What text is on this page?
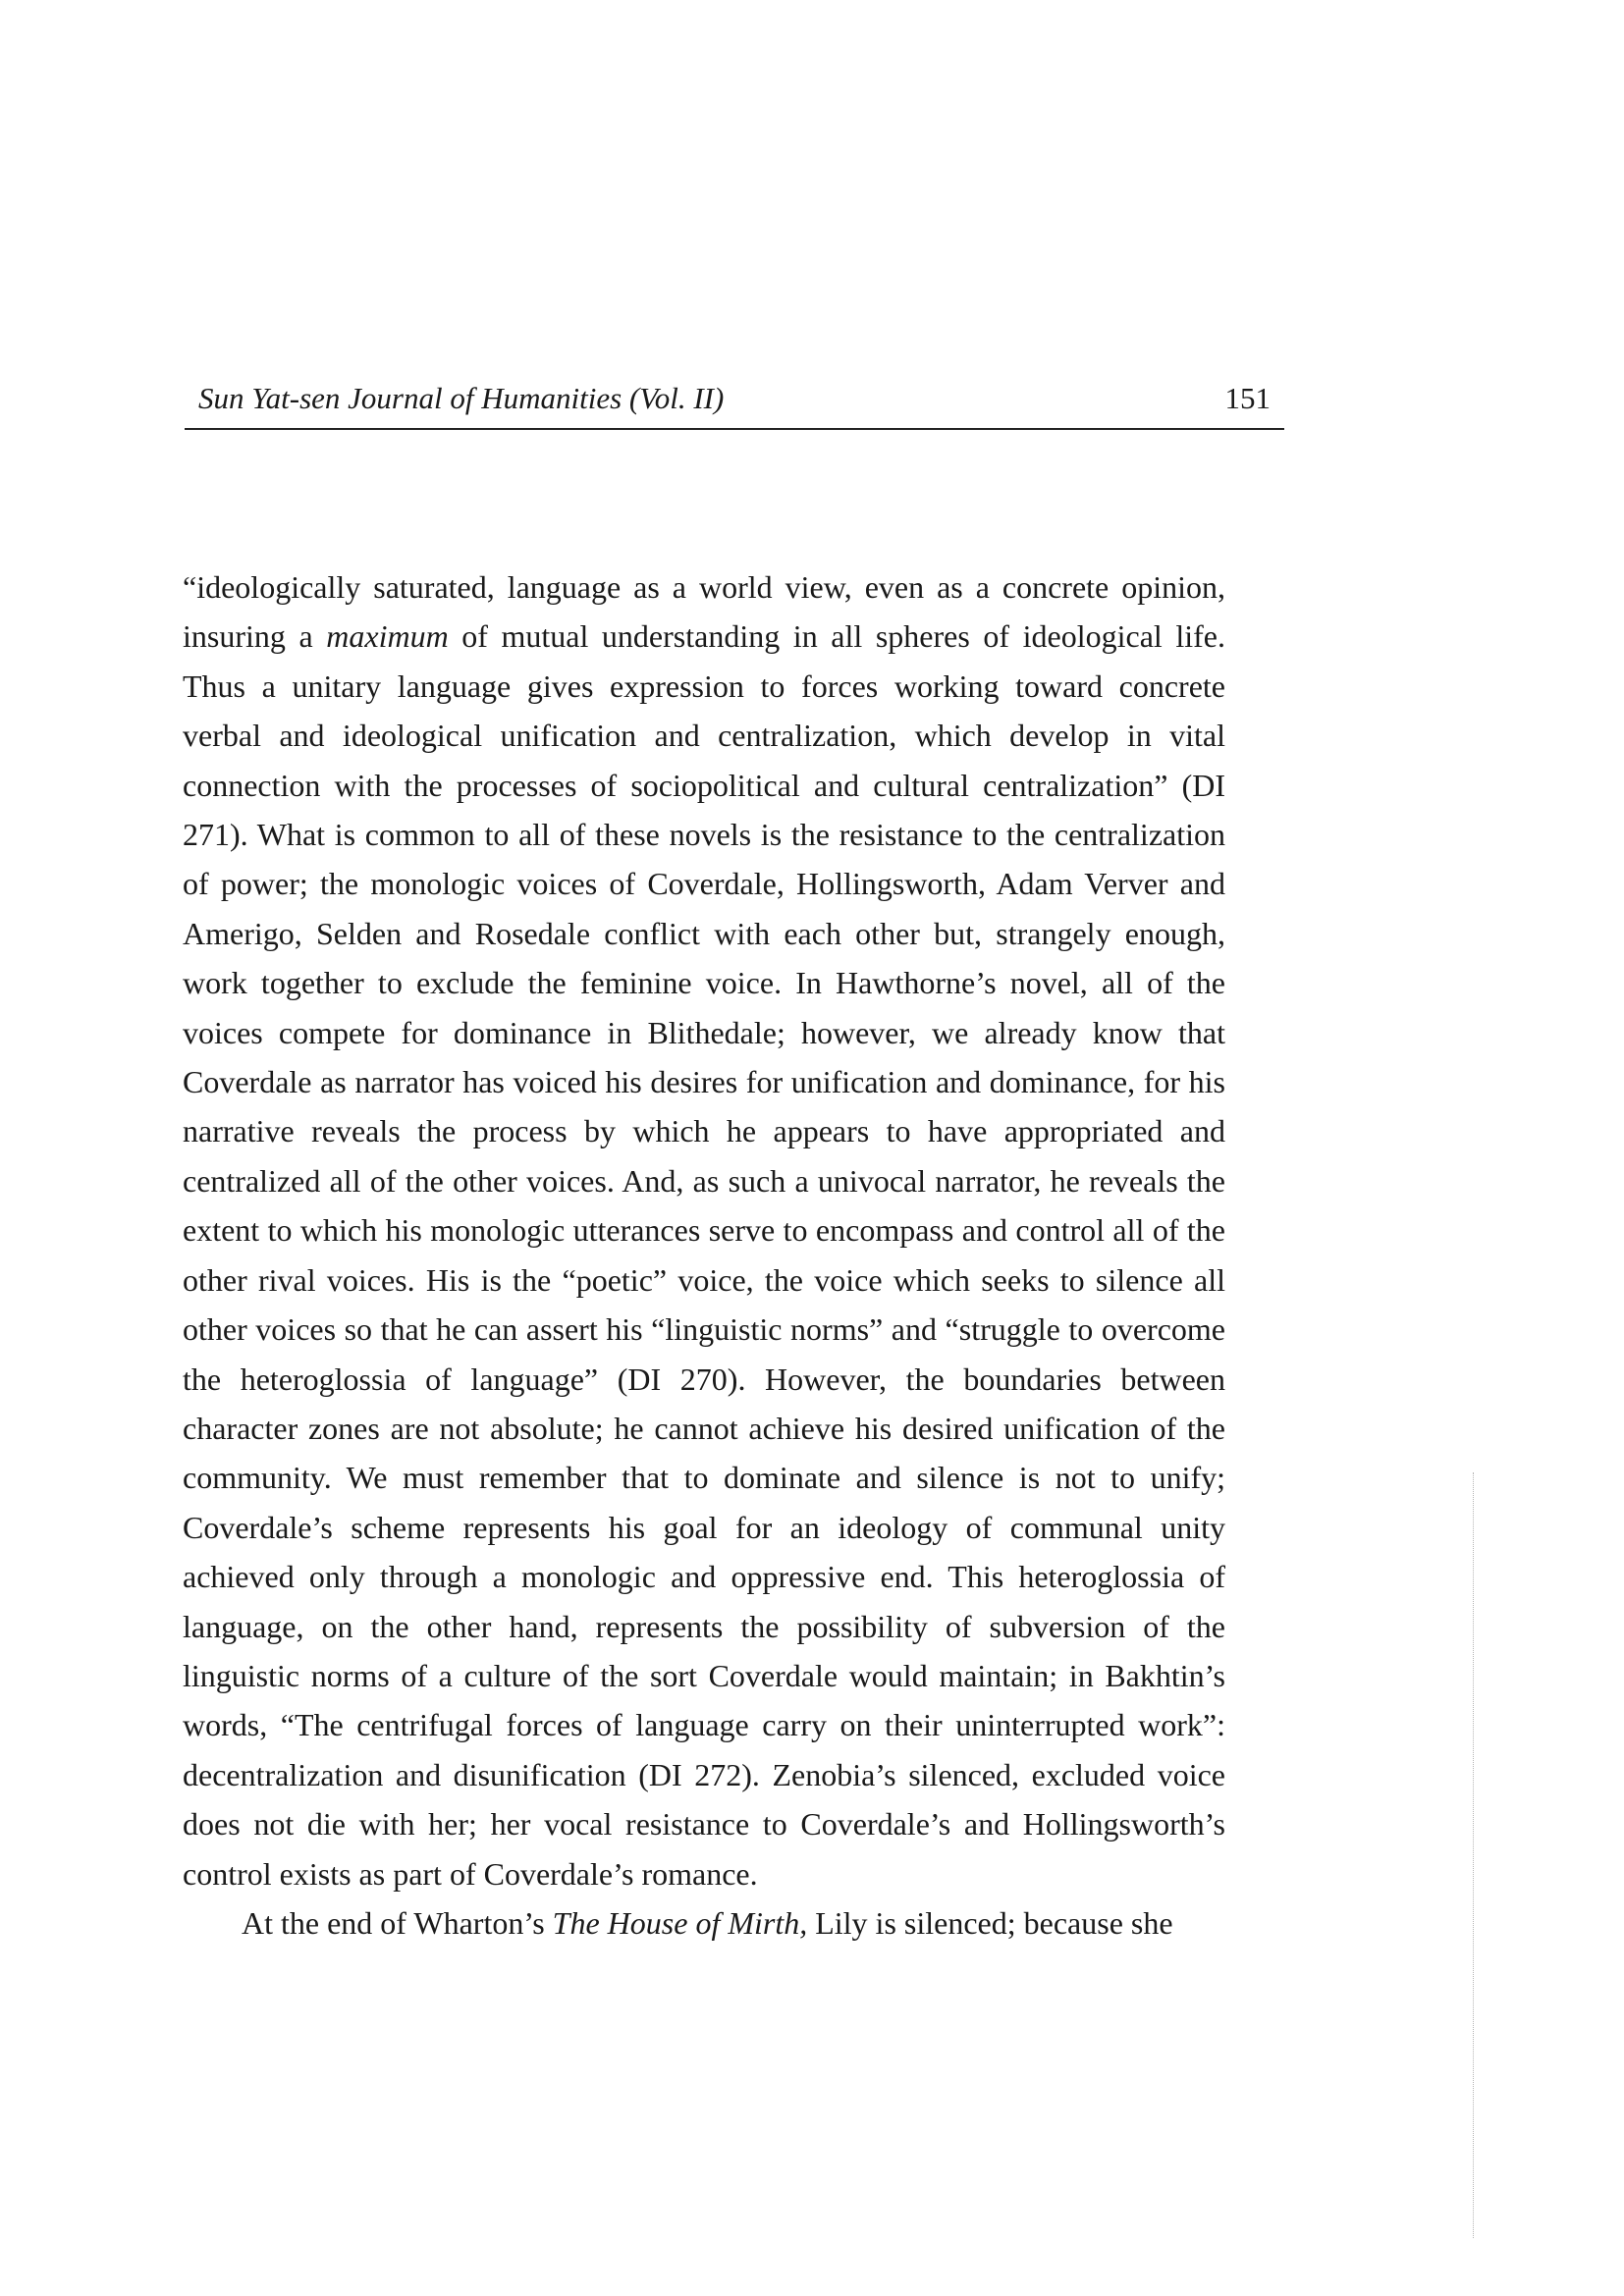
Sun Yat-sen Journal of Humanities (Vol. II)	151

“ideologically saturated, language as a world view, even as a concrete opinion, insuring a maximum of mutual understanding in all spheres of ideological life. Thus a unitary language gives expression to forces working toward concrete verbal and ideological unification and centralization, which develop in vital connection with the processes of sociopolitical and cultural centralization” (DI 271). What is common to all of these novels is the resistance to the centralization of power; the monologic voices of Coverdale, Hollingsworth, Adam Verver and Amerigo, Selden and Rosedale conflict with each other but, strangely enough, work together to exclude the feminine voice. In Hawthorne’s novel, all of the voices compete for dominance in Blithedale; however, we already know that Coverdale as narrator has voiced his desires for unification and dominance, for his narrative reveals the process by which he appears to have appropriated and centralized all of the other voices. And, as such a univocal narrator, he reveals the extent to which his monologic utterances serve to encompass and control all of the other rival voices. His is the “poetic” voice, the voice which seeks to silence all other voices so that he can assert his “linguistic norms” and “struggle to overcome the heteroglossia of language” (DI 270). However, the boundaries between character zones are not absolute; he cannot achieve his desired unification of the community. We must remember that to dominate and silence is not to unify; Coverdale’s scheme represents his goal for an ideology of communal unity achieved only through a monologic and oppressive end. This heteroglossia of language, on the other hand, represents the possibility of subversion of the linguistic norms of a culture of the sort Coverdale would maintain; in Bakhtin’s words, “The centrifugal forces of language carry on their uninterrupted work”: decentralization and disunification (DI 272). Zenobia’s silenced, excluded voice does not die with her; her vocal resistance to Coverdale’s and Hollingsworth’s control exists as part of Coverdale’s romance.

At the end of Wharton’s The House of Mirth, Lily is silenced; because she
